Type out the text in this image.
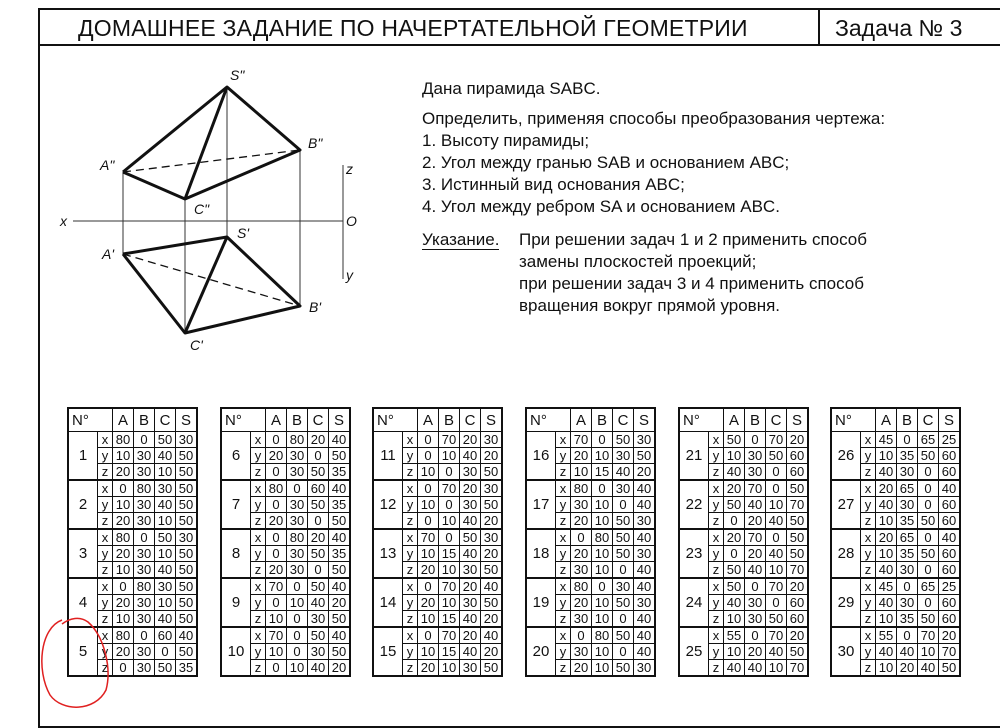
ДОМАШНЕЕ ЗАДАНИЕ ПО НАЧЕРТАТЕЛЬНОЙ ГЕОМЕТРИИ	Задача № 3
S"
B"
A"
C"
S'
A'
B'
C'
x
z
O
y
Дана пирамида SABC.
Определить, применяя способы преобразования чертежа:
1. Высоту пирамиды;
2. Угол между гранью SAB и основанием ABC;
3. Истинный вид основания ABC;
4. Угол между ребром SA и основанием ABC.
Указание. При решении задач 1 и 2 применить способ
замены плоскостей проекций;
при решении задач 3 и 4 применить способ
вращения вокруг прямой уровня.
N°		A	B	C	S
1	x	80	0	50	30
	y	10	30	40	50
	z	20	30	10	50
2	x	0	80	30	50
	y	10	30	40	50
	z	20	30	10	50
3	x	80	0	50	30
	y	20	30	10	50
	z	10	30	40	50
4	x	0	80	30	50
	y	20	30	10	50
	z	10	30	40	50
5	x	80	0	60	40
	y	20	30	0	50
	z	0	30	50	35
N°		A	B	C	S
6	x	0	80	20	40
	y	20	30	0	50
	z	0	30	50	35
7	x	80	0	60	40
	y	0	30	50	35
	z	20	30	0	50
8	x	0	80	20	40
	y	0	30	50	35
	z	20	30	0	50
9	x	70	0	50	40
	y	0	10	40	20
	z	10	0	30	50
10	x	70	0	50	40
	y	10	0	30	50
	z	0	10	40	20
N°		A	B	C	S
11	x	0	70	20	30
	y	0	10	40	20
	z	10	0	30	50
12	x	0	70	20	30
	y	10	0	30	50
	z	0	10	40	20
13	x	70	0	50	30
	y	10	15	40	20
	z	20	10	30	50
14	x	0	70	20	40
	y	20	10	30	50
	z	10	15	40	20
15	x	0	70	20	40
	y	10	15	40	20
	z	20	10	30	50
N°		A	B	C	S
16	x	70	0	50	30
	y	20	10	30	50
	z	10	15	40	20
17	x	80	0	30	40
	y	30	10	0	40
	z	20	10	50	30
18	x	0	80	50	40
	y	20	10	50	30
	z	30	10	0	40
19	x	80	0	30	40
	y	20	10	50	30
	z	30	10	0	40
20	x	0	80	50	40
	y	30	10	0	40
	z	20	10	50	30
N°		A	B	C	S
21	x	50	0	70	20
	y	10	30	50	60
	z	40	30	0	60
22	x	20	70	0	50
	y	50	40	10	70
	z	0	20	40	50
23	x	20	70	0	50
	y	0	20	40	50
	z	50	40	10	70
24	x	50	0	70	20
	y	40	30	0	60
	z	10	30	50	60
25	x	55	0	70	20
	y	10	20	40	50
	z	40	40	10	70
N°		A	B	C	S
26	x	45	0	65	25
	y	10	35	50	60
	z	40	30	0	60
27	x	20	65	0	40
	y	40	30	0	60
	z	10	35	50	60
28	x	20	65	0	40
	y	10	35	50	60
	z	40	30	0	60
29	x	45	0	65	25
	y	40	30	0	60
	z	10	35	50	60
30	x	55	0	70	20
	y	40	40	10	70
	z	10	20	40	50
